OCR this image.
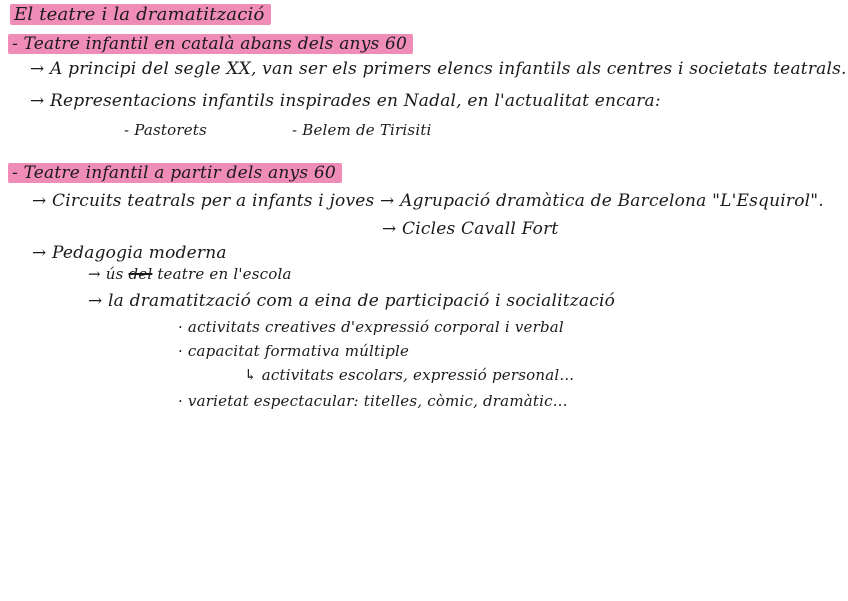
El teatre i la dramatització
- Teatre infantil en català abans dels anys 60
→ A principi del segle XX, van ser els primers elencs infantils als centres i societats teatrals.
→ Representacions infantils inspirades en Nadal, en l'actualitat encara:
- Pastorets	- Belem de Tirisiti
- Teatre infantil a partir dels anys 60
→ Circuits teatrals per a infants i joves → Agrupació dramàtica de Barcelona "L'Esquirol".
→ Cicles Cavall Fort
→ Pedagogia moderna
→ ús del teatre en l'escola
→ la dramatització com a eina de participació i socialització
· activitats creatives d'expressió corporal i verbal
· capacitat formativa múltiple
↳ activitats escolars, expressió personal...
· varietat espectacular: titelles, còmic, dramàtic...
